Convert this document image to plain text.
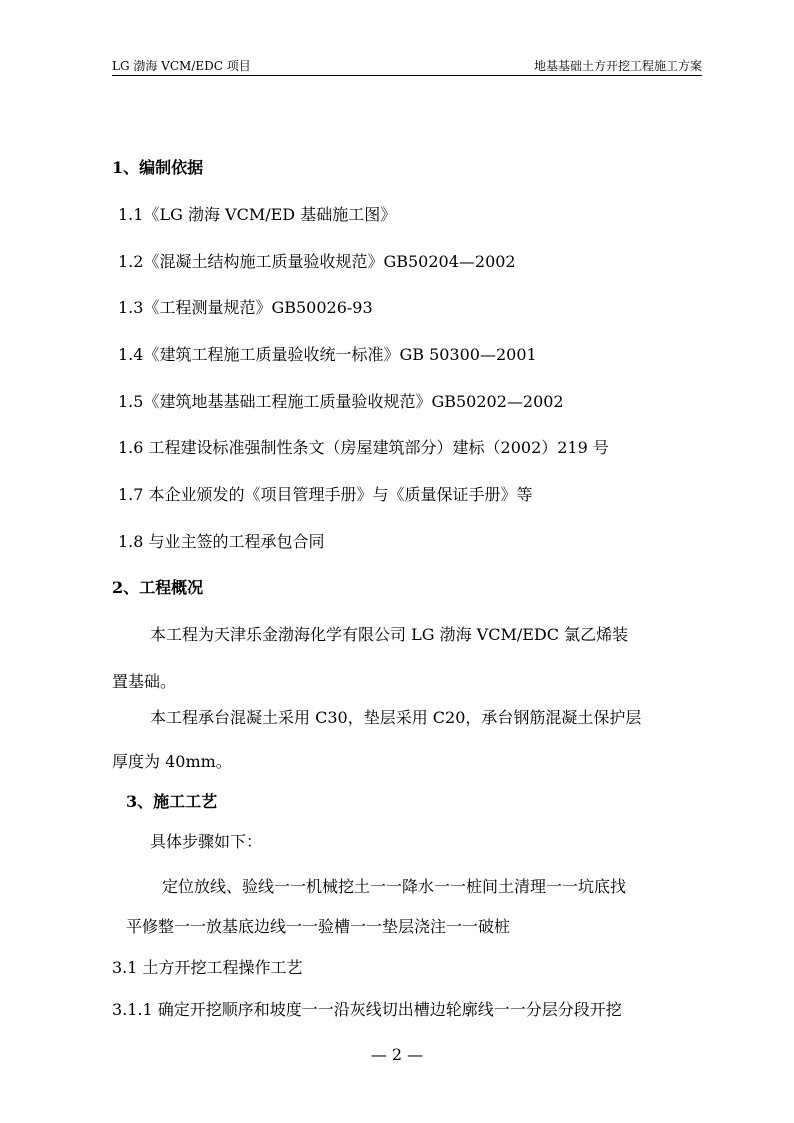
LG 渤海 VCM/EDC 项目	地基基础土方开挖工程施工方案
1、编制依据
1.1《LG 渤海 VCM/ED 基础施工图》
1.2《混凝土结构施工质量验收规范》GB50204—2002
1.3《工程测量规范》GB50026-93
1.4《建筑工程施工质量验收统一标准》GB 50300—2001
1.5《建筑地基基础工程施工质量验收规范》GB50202—2002
1.6 工程建设标准强制性条文（房屋建筑部分）建标（2002）219 号
1.7 本企业颁发的《项目管理手册》与《质量保证手册》等
1.8 与业主签的工程承包合同
2、工程概况
本工程为天津乐金渤海化学有限公司 LG 渤海 VCM/EDC 氯乙烯装
置基础。
本工程承台混凝土采用 C30，垫层采用 C20，承台钢筋混凝土保护层
厚度为 40mm。
3、施工工艺
具体步骤如下：
定位放线、验线一一机械挖土一一降水一一桩间土清理一一坑底找
平修整一一放基底边线一一验槽一一垫层浇注一一破桩
3.1 土方开挖工程操作工艺
3.1.1 确定开挖顺序和坡度一一沿灰线切出槽边轮廓线一一分层分段开挖
— 2 —
